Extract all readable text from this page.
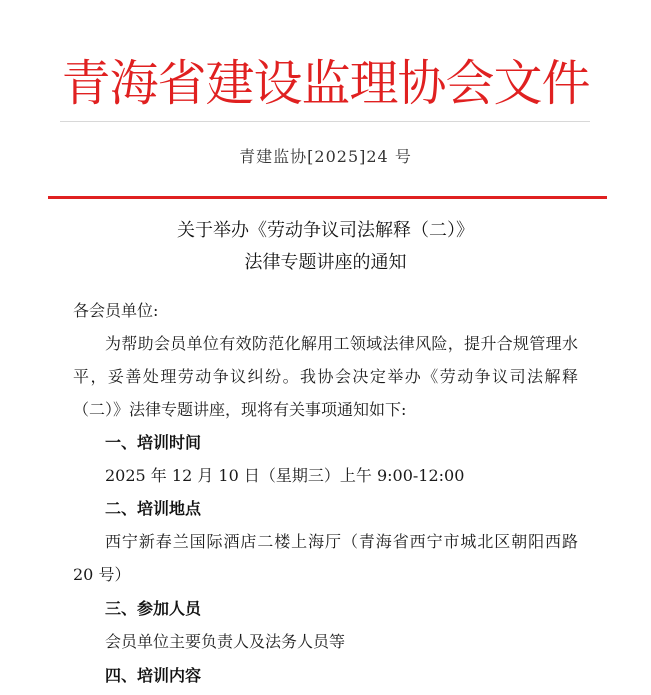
青海省建设监理协会文件
青建监协[2025]24 号
关于举办《劳动争议司法解释（二）》
法律专题讲座的通知
各会员单位:
为帮助会员单位有效防范化解用工领域法律风险，提升合规管理水平，妥善处理劳动争议纠纷。我协会决定举办《劳动争议司法解释（二）》法律专题讲座，现将有关事项通知如下:
一、培训时间
2025 年 12 月 10 日（星期三）上午 9:00-12:00
二、培训地点
西宁新春兰国际酒店二楼上海厅（青海省西宁市城北区朝阳西路 20 号）
三、参加人员
会员单位主要负责人及法务人员等
四、培训内容
